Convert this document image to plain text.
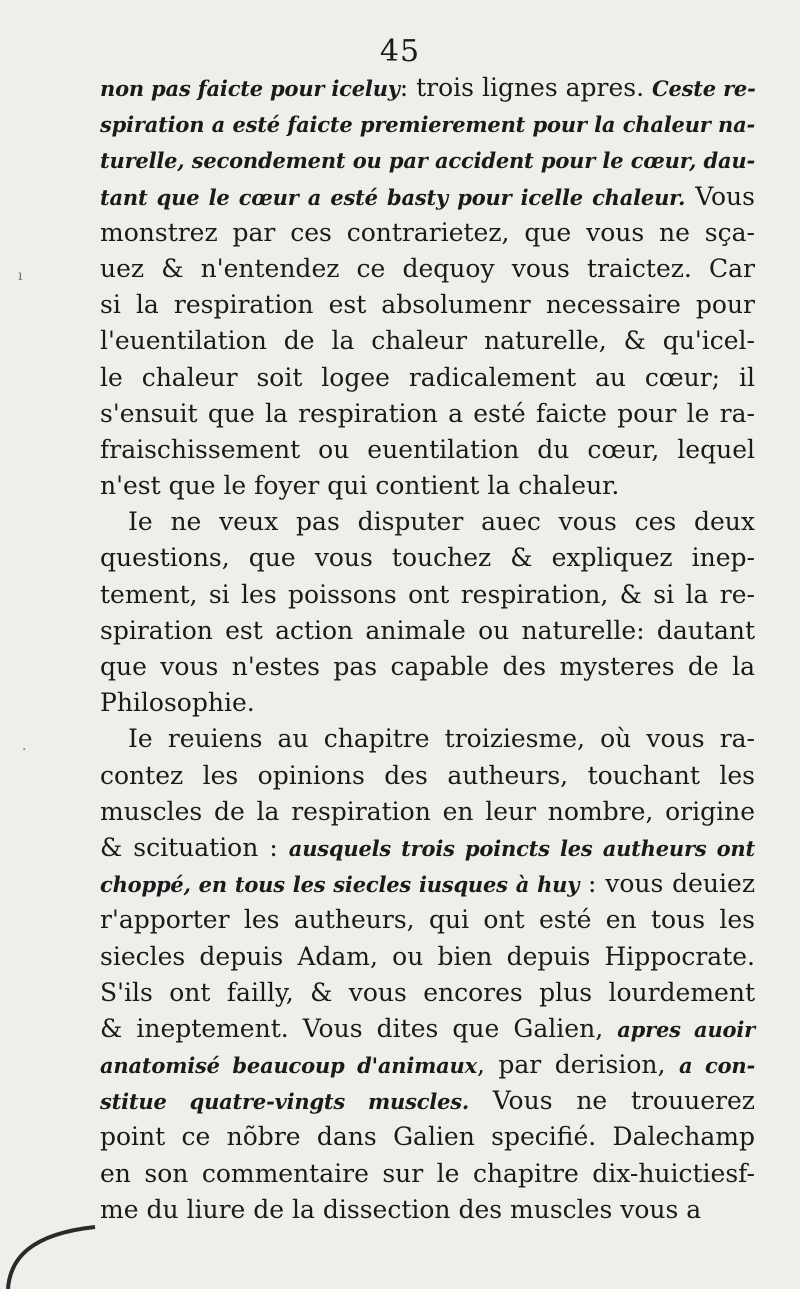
45
non pas faicte pour iceluy: trois lignes apres. Ceste re-
spiration a esté faicte premierement pour la chaleur na-
turelle, secondement ou par accident pour le cœur, dau-
tant que le cœur a esté basty pour icelle chaleur. Vous
monstrez par ces contrarietez, que vous ne sça-
uez & n'entendez ce dequoy vous traictez. Car
si la respiration est absolumenr necessaire pour
l'euentilation de la chaleur naturelle, & qu'icel-
le chaleur soit logee radicalement au cœur; il
s'ensuit que la respiration a esté faicte pour le ra-
fraischissement ou euentilation du cœur, lequel
n'est que le foyer qui contient la chaleur.
Ie ne veux pas disputer auec vous ces deux
questions, que vous touchez & expliquez inep-
tement, si les poissons ont respiration, & si la re-
spiration est action animale ou naturelle: dautant
que vous n'estes pas capable des mysteres de la
Philosophie.
Ie reuiens au chapitre troiziesme, où vous ra-
contez les opinions des autheurs, touchant les
muscles de la respiration en leur nombre, origine
& scituation : ausquels trois poincts les autheurs ont
choppé, en tous les siecles iusques à huy : vous deuiez
r'apporter les autheurs, qui ont esté en tous les
siecles depuis Adam, ou bien depuis Hippocrate.
S'ils ont failly, & vous encores plus lourdement
& ineptement. Vous dites que Galien, apres auoir
anatomisé beaucoup d'animaux, par derision, a con-
stitue quatre-vingts muscles. Vous ne trouuerez
point ce nõbre dans Galien specifié. Dalechamp
en son commentaire sur le chapitre dix-huictiesf-
me du liure de la dissection des muscles vous a
ı
·
